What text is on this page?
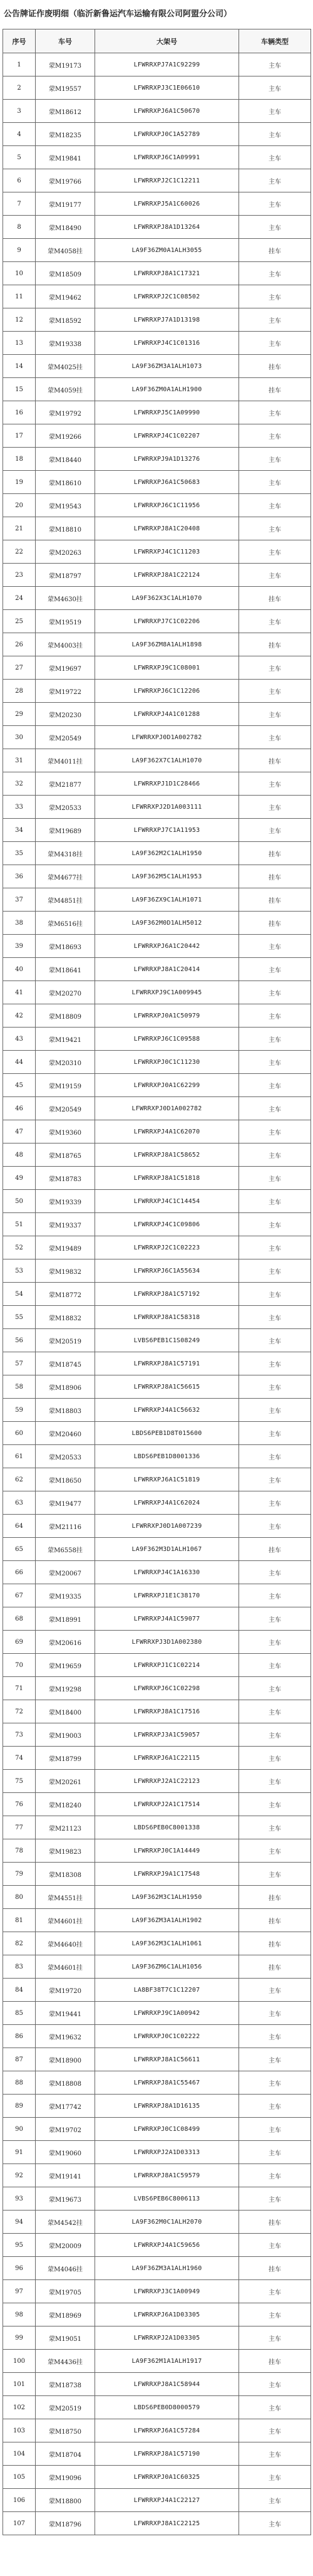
公告牌证作废明细（临沂新鲁运汽车运输有限公司阿盟分公司）
序号	车号	大架号	车辆类型
1	蒙M19173	LFWRRXPJ7A1C92299	主车
2	蒙M19557	LFWRRXPJ3C1E06610	主车
3	蒙M18612	LFWRRXPJ6A1C50670	主车
4	蒙M18235	LFWRRXPJ0C1A52789	主车
5	蒙M19841	LFWRRXPJ6C1A09991	主车
6	蒙M19766	LFWRRXPJ2C1C12211	主车
7	蒙M19177	LFWRRXPJ5A1C60026	主车
8	蒙M18490	LFWRRXPJ8A1D13264	主车
9	蒙M4058挂	LA9F36ZM0A1ALH3055	挂车
10	蒙M18509	LFWRRXPJ8A1C17321	主车
11	蒙M19462	LFWRRXPJ2C1C08502	主车
12	蒙M18592	LFWRRXPJ7A1D13198	主车
13	蒙M19338	LFWRRXPJ4C1C01316	主车
14	蒙M4025挂	LA9F36ZM3A1ALH1073	挂车
15	蒙M4059挂	LA9F36ZM0A1ALH1900	挂车
16	蒙M19792	LFWRRXPJ5C1A09990	主车
17	蒙M19266	LFWRRXPJ4C1C02207	主车
18	蒙M18440	LFWRRXPJ9A1D13276	主车
19	蒙M18610	LFWRRXPJ6A1C50683	主车
20	蒙M19543	LFWRRXPJ6C1C11956	主车
21	蒙M18810	LFWRRXPJ8A1C20408	主车
22	蒙M20263	LFWRRXPJ4C1C11203	主车
23	蒙M18797	LFWRRXPJ8A1C22124	主车
24	蒙M4630挂	LA9F362X3C1ALH1070	挂车
25	蒙M19519	LFWRRXPJ7C1C02206	主车
26	蒙M4003挂	LA9F36ZM8A1ALH1898	挂车
27	蒙M19697	LFWRRXPJ9C1C08001	主车
28	蒙M19722	LFWRRXPJ6C1C12206	主车
29	蒙M20230	LFWRRXPJ4A1C01288	主车
30	蒙M20549	LFWRRXPJ0D1A002782	主车
31	蒙M4011挂	LA9F362X7C1ALH1070	挂车
32	蒙M21877	LFWRRXPJ1D1C28466	主车
33	蒙M20533	LFWRRXPJ2D1A003111	主车
34	蒙M19689	LFWRRXPJ7C1A11953	主车
35	蒙M4318挂	LA9F362M2C1ALH1950	挂车
36	蒙M4677挂	LA9F362M5C1ALH1953	挂车
37	蒙M4851挂	LA9F36ZX9C1ALH1071	挂车
38	蒙M6516挂	LA9F362M0D1ALH5012	挂车
39	蒙M18693	LFWRRXPJ6A1C20442	主车
40	蒙M18641	LFWRRXPJ8A1C20414	主车
41	蒙M20270	LFWRRXPJ9C1A009945	主车
42	蒙M18809	LFWRRXPJ0A1C50979	主车
43	蒙M19421	LFWRRXPJ6C1C09588	主车
44	蒙M20310	LFWRRXPJ0C1C11230	主车
45	蒙M19159	LFWRRXPJ0A1C62299	主车
46	蒙M20549	LFWRRXPJ0D1A002782	主车
47	蒙M19360	LFWRRXPJ4A1C62070	主车
48	蒙M18765	LFWRRXPJ8A1C58652	主车
49	蒙M18783	LFWRRXPJ8A1C51818	主车
50	蒙M19339	LFWRRXPJ4C1C14454	主车
51	蒙M19337	LFWRRXPJ4C1C09806	主车
52	蒙M19489	LFWRRXPJ2C1C02223	主车
53	蒙M19832	LFWRRXPJ6C1A55634	主车
54	蒙M18772	LFWRRXPJ8A1C57192	主车
55	蒙M18832	LFWRRXPJ8A1C58318	主车
56	蒙M20519	LVBS6PEB1C1S08249	主车
57	蒙M18745	LFWRRXPJ8A1C57191	主车
58	蒙M18906	LFWRRXPJ8A1C56615	主车
59	蒙M18803	LFWRRXPJ4A1C56632	主车
60	蒙M20460	LBDS6PEB1D8T015600	主车
61	蒙M20533	LBDS6PEB1D8001336	主车
62	蒙M18650	LFWRRXPJ6A1C51819	主车
63	蒙M19477	LFWRRXPJ4A1C62024	主车
64	蒙M21116	LFWRRXPJ0D1A007239	主车
65	蒙M6558挂	LA9F362M3D1ALH1067	挂车
66	蒙M20067	LFWRRXPJ4C1A16330	主车
67	蒙M19335	LFWRRXPJ1E1C38170	主车
68	蒙M18991	LFWRRXPJ4A1C59077	主车
69	蒙M20616	LFWRRXPJ3D1A002380	主车
70	蒙M19659	LFWRRXPJ1C1C02214	主车
71	蒙M19298	LFWRRXPJ6C1C02298	主车
72	蒙M18400	LFWRRXPJ8A1C17516	主车
73	蒙M19003	LFWRRXPJ3A1C59057	主车
74	蒙M18799	LFWRRXPJ6A1C22115	主车
75	蒙M20261	LFWRRXPJ2A1C22123	主车
76	蒙M18240	LFWRRXPJ2A1C17514	主车
77	蒙M21123	LBDS6PEB0C8001338	主车
78	蒙M19823	LFWRRXPJ0C1A14449	主车
79	蒙M18308	LFWRRXPJ9A1C17548	主车
80	蒙M4551挂	LA9F362M3C1ALH1950	挂车
81	蒙M4601挂	LA9F36ZM3A1ALH1902	挂车
82	蒙M4640挂	LA9F362M3C1ALH1061	挂车
83	蒙M4601挂	LA9F36ZM6C1ALH1056	挂车
84	蒙M19720	LA8BF38T7C1C12207	主车
85	蒙M19441	LFWRRXPJ9C1A00942	主车
86	蒙M19632	LFWRRXPJ0C1C02222	主车
87	蒙M18900	LFWRRXPJ8A1C56611	主车
88	蒙M18808	LFWRRXPJ8A1C55467	主车
89	蒙M17742	LFWRRXPJ8A1D16135	主车
90	蒙M19702	LFWRRXPJ0C1C08499	主车
91	蒙M19060	LFWRRXPJ2A1D03313	主车
92	蒙M19141	LFWRRXPJ8A1C59579	主车
93	蒙M19673	LVBS6PEB6C8006113	主车
94	蒙M4542挂	LA9F362M0C1ALH2070	挂车
95	蒙M20009	LFWRRXPJ4A1C59656	主车
96	蒙M4046挂	LA9F36ZM3A1ALH1960	挂车
97	蒙M19705	LFWRRXPJ3C1A00949	主车
98	蒙M18969	LFWRRXPJ6A1D03305	主车
99	蒙M19051	LFWRRXPJ2A1D03305	主车
100	蒙M4436挂	LA9F362M1A1ALH1917	挂车
101	蒙M18738	LFWRRXPJ8A1C58944	主车
102	蒙M20519	LBDS6PEB0D8000579	主车
103	蒙M18750	LFWRRXPJ6A1C57284	主车
104	蒙M18704	LFWRRXPJ8A1C57190	主车
105	蒙M19096	LFWRRXPJ0A1C60325	主车
106	蒙M18800	LFWRRXPJ4A1C22127	主车
107	蒙M18796	LFWRRXPJ8A1C22125	主车
